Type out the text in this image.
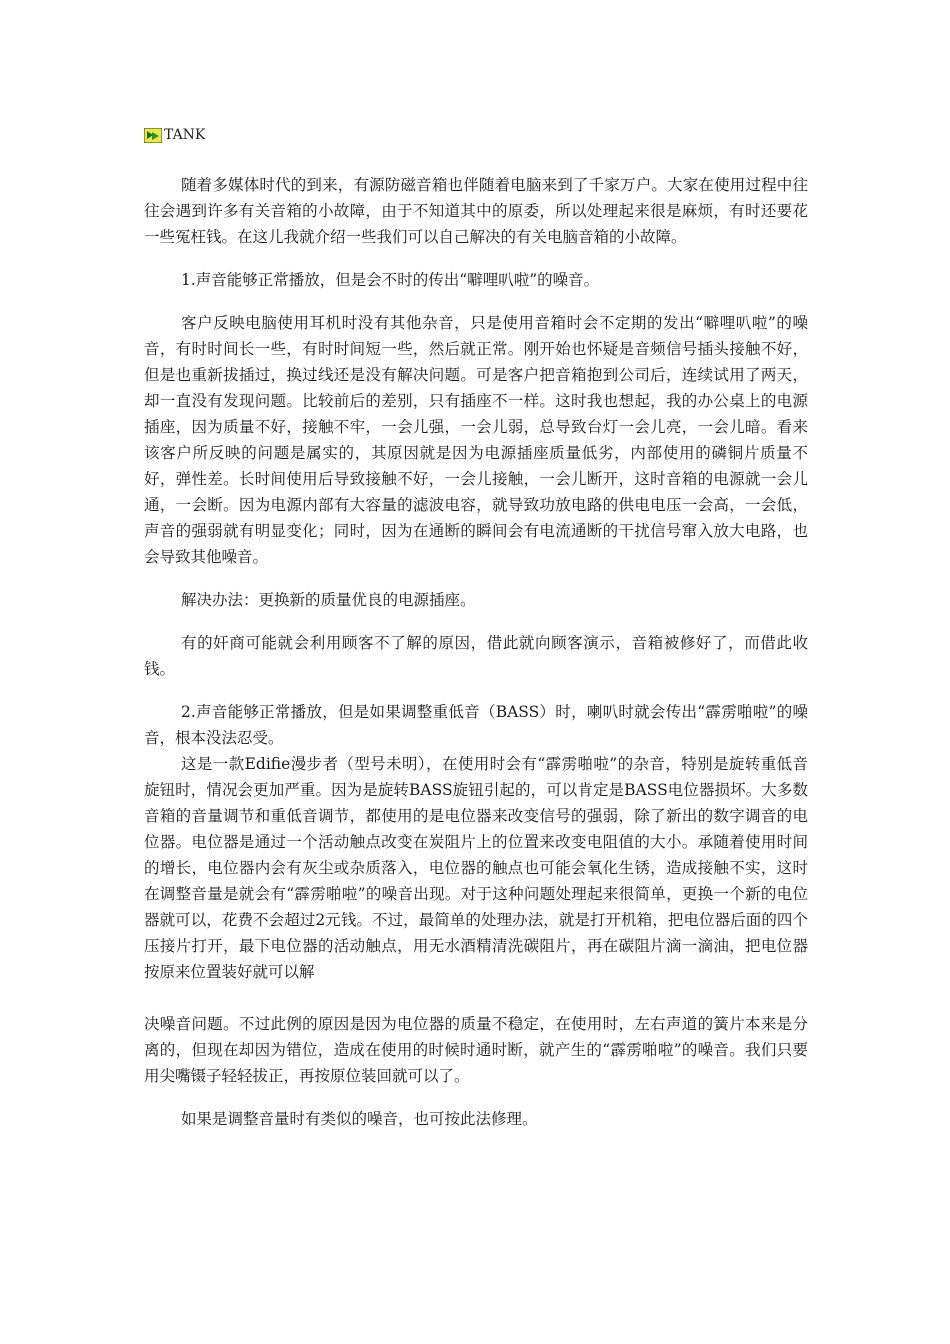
TANK

随着多媒体时代的到来，有源防磁音箱也伴随着电脑来到了千家万户。大家在使用过程中往往会遇到许多有关音箱的小故障，由于不知道其中的原委，所以处理起来很是麻烦，有时还要花一些冤枉钱。在这儿我就介绍一些我们可以自己解决的有关电脑音箱的小故障。

1.声音能够正常播放，但是会不时的传出“噼哩叭啦”的噪音。

客户反映电脑使用耳机时没有其他杂音，只是使用音箱时会不定期的发出“噼哩叭啦”的噪音，有时时间长一些，有时时间短一些，然后就正常。刚开始也怀疑是音频信号插头接触不好，但是也重新拔插过，换过线还是没有解决问题。可是客户把音箱抱到公司后，连续试用了两天，却一直没有发现问题。比较前后的差别，只有插座不一样。这时我也想起，我的办公桌上的电源插座，因为质量不好，接触不牢，一会儿强，一会儿弱，总导致台灯一会儿亮，一会儿暗。看来该客户所反映的问题是属实的，其原因就是因为电源插座质量低劣，内部使用的磷铜片质量不好，弹性差。长时间使用后导致接触不好，一会儿接触，一会儿断开，这时音箱的电源就一会儿通，一会断。因为电源内部有大容量的滤波电容，就导致功放电路的供电电压一会高，一会低，声音的强弱就有明显变化；同时，因为在通断的瞬间会有电流通断的干扰信号窜入放大电路，也会导致其他噪音。

解决办法：更换新的质量优良的电源插座。

有的奸商可能就会利用顾客不了解的原因，借此就向顾客演示，音箱被修好了，而借此收钱。

2.声音能够正常播放，但是如果调整重低音（BASS）时，喇叭时就会传出“霹雳啪啦”的噪音，根本没法忍受。

这是一款Edifie漫步者（型号未明），在使用时会有“霹雳啪啦”的杂音，特别是旋转重低音旋钮时，情况会更加严重。因为是旋转BASS旋钮引起的，可以肯定是BASS电位器损坏。大多数音箱的音量调节和重低音调节，都使用的是电位器来改变信号的强弱，除了新出的数字调音的电位器。电位器是通过一个活动触点改变在炭阻片上的位置来改变电阻值的大小。承随着使用时间的增长，电位器内会有灰尘或杂质落入，电位器的触点也可能会氧化生锈，造成接触不实，这时在调整音量是就会有“霹雳啪啦”的噪音出现。对于这种问题处理起来很简单，更换一个新的电位器就可以，花费不会超过2元钱。不过，最简单的处理办法，就是打开机箱，把电位器后面的四个压接片打开，最下电位器的活动触点，用无水酒精清洗碳阻片，再在碳阻片滴一滴油，把电位器按原来位置装好就可以解

决噪音问题。不过此例的原因是因为电位器的质量不稳定，在使用时，左右声道的簧片本来是分离的，但现在却因为错位，造成在使用的时候时通时断，就产生的“霹雳啪啦”的噪音。我们只要用尖嘴镊子轻轻拔正，再按原位装回就可以了。

如果是调整音量时有类似的噪音，也可按此法修理。
